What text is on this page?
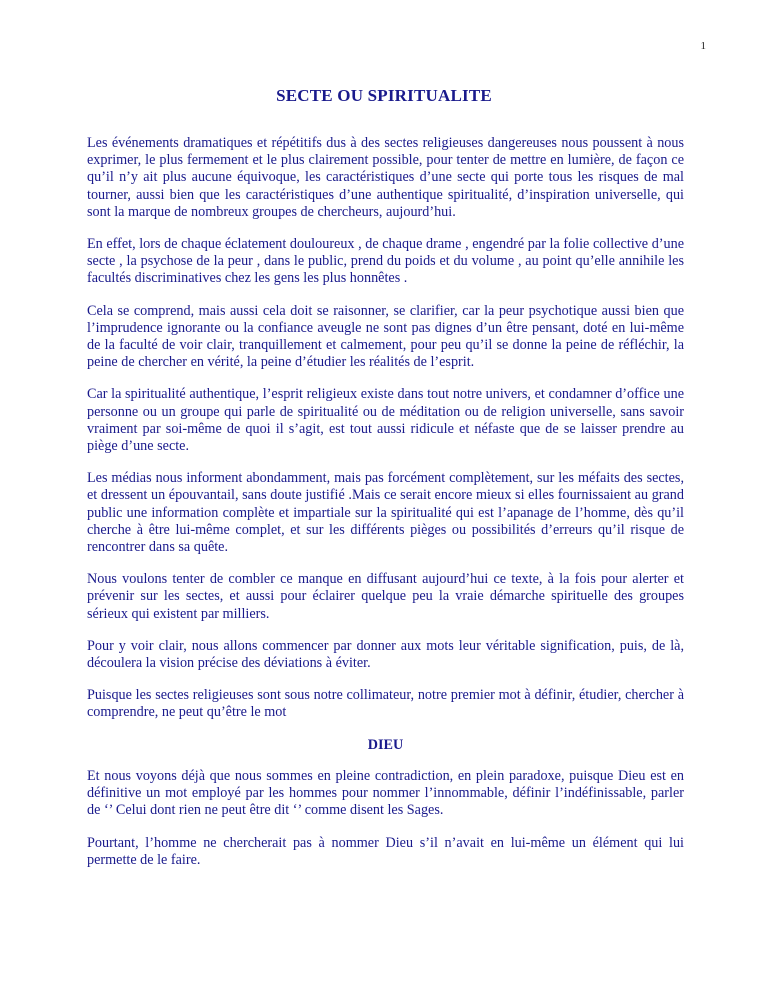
1
SECTE OU SPIRITUALITE

Les événements dramatiques et répétitifs dus à des sectes religieuses dangereuses nous poussent à nous exprimer, le plus fermement et le plus clairement possible, pour tenter de mettre en lumière, de façon ce qu’il n’y ait plus aucune équivoque, les caractéristiques d’une secte qui porte tous les risques de mal tourner, aussi bien que les caractéristiques d’une authentique spiritualité, d’inspiration universelle, qui sont la marque de nombreux groupes de chercheurs, aujourd’hui.

En effet, lors de chaque éclatement douloureux , de chaque drame , engendré par la folie collective d’une secte , la psychose de la peur , dans le public, prend du poids et du volume , au point qu’elle annihile les facultés discriminatives chez les gens les plus honnêtes .

Cela se comprend, mais aussi cela doit se raisonner, se clarifier, car la peur psychotique aussi bien que l’imprudence ignorante ou la confiance aveugle ne sont pas dignes d’un être pensant, doté en lui-même de la faculté de voir clair, tranquillement et calmement, pour peu qu’il se donne la peine de réfléchir, la peine de chercher en vérité, la peine d’étudier les réalités de l’esprit.

Car la spiritualité authentique, l’esprit religieux existe dans tout notre univers, et condamner d’office une personne ou un groupe qui parle de spiritualité ou de méditation ou de religion universelle, sans savoir vraiment par soi-même de quoi il s’agit, est tout aussi ridicule et néfaste que de se laisser prendre au piège d’une secte.

Les médias nous informent abondamment, mais pas forcément complètement, sur les méfaits des sectes, et dressent un épouvantail, sans doute justifié .Mais ce serait encore mieux si elles fournissaient au grand public une information complète et impartiale sur la spiritualité qui est l’apanage de l’homme, dès qu’il cherche à être lui-même complet, et sur les différents pièges ou possibilités d’erreurs qu’il risque de rencontrer dans sa quête.

Nous voulons tenter de combler ce manque en diffusant aujourd’hui ce texte, à la fois pour alerter et prévenir sur les sectes, et aussi pour éclairer quelque peu la vraie démarche spirituelle des groupes sérieux qui existent par milliers.

Pour y voir clair, nous allons commencer par donner aux mots leur véritable signification, puis, de là, découlera la vision précise des déviations à éviter.

Puisque les sectes religieuses sont sous notre collimateur, notre premier mot à définir, étudier, chercher à comprendre, ne peut qu’être le mot

DIEU

Et nous voyons déjà que nous sommes en pleine contradiction, en plein paradoxe, puisque Dieu est en définitive un mot employé par les hommes pour nommer l’innommable, définir l’indéfinissable, parler de ‘’ Celui dont rien ne peut être dit ‘’ comme disent les Sages.

Pourtant, l’homme ne chercherait pas à nommer Dieu s’il n’avait en lui-même un élément qui lui permette de le faire.
